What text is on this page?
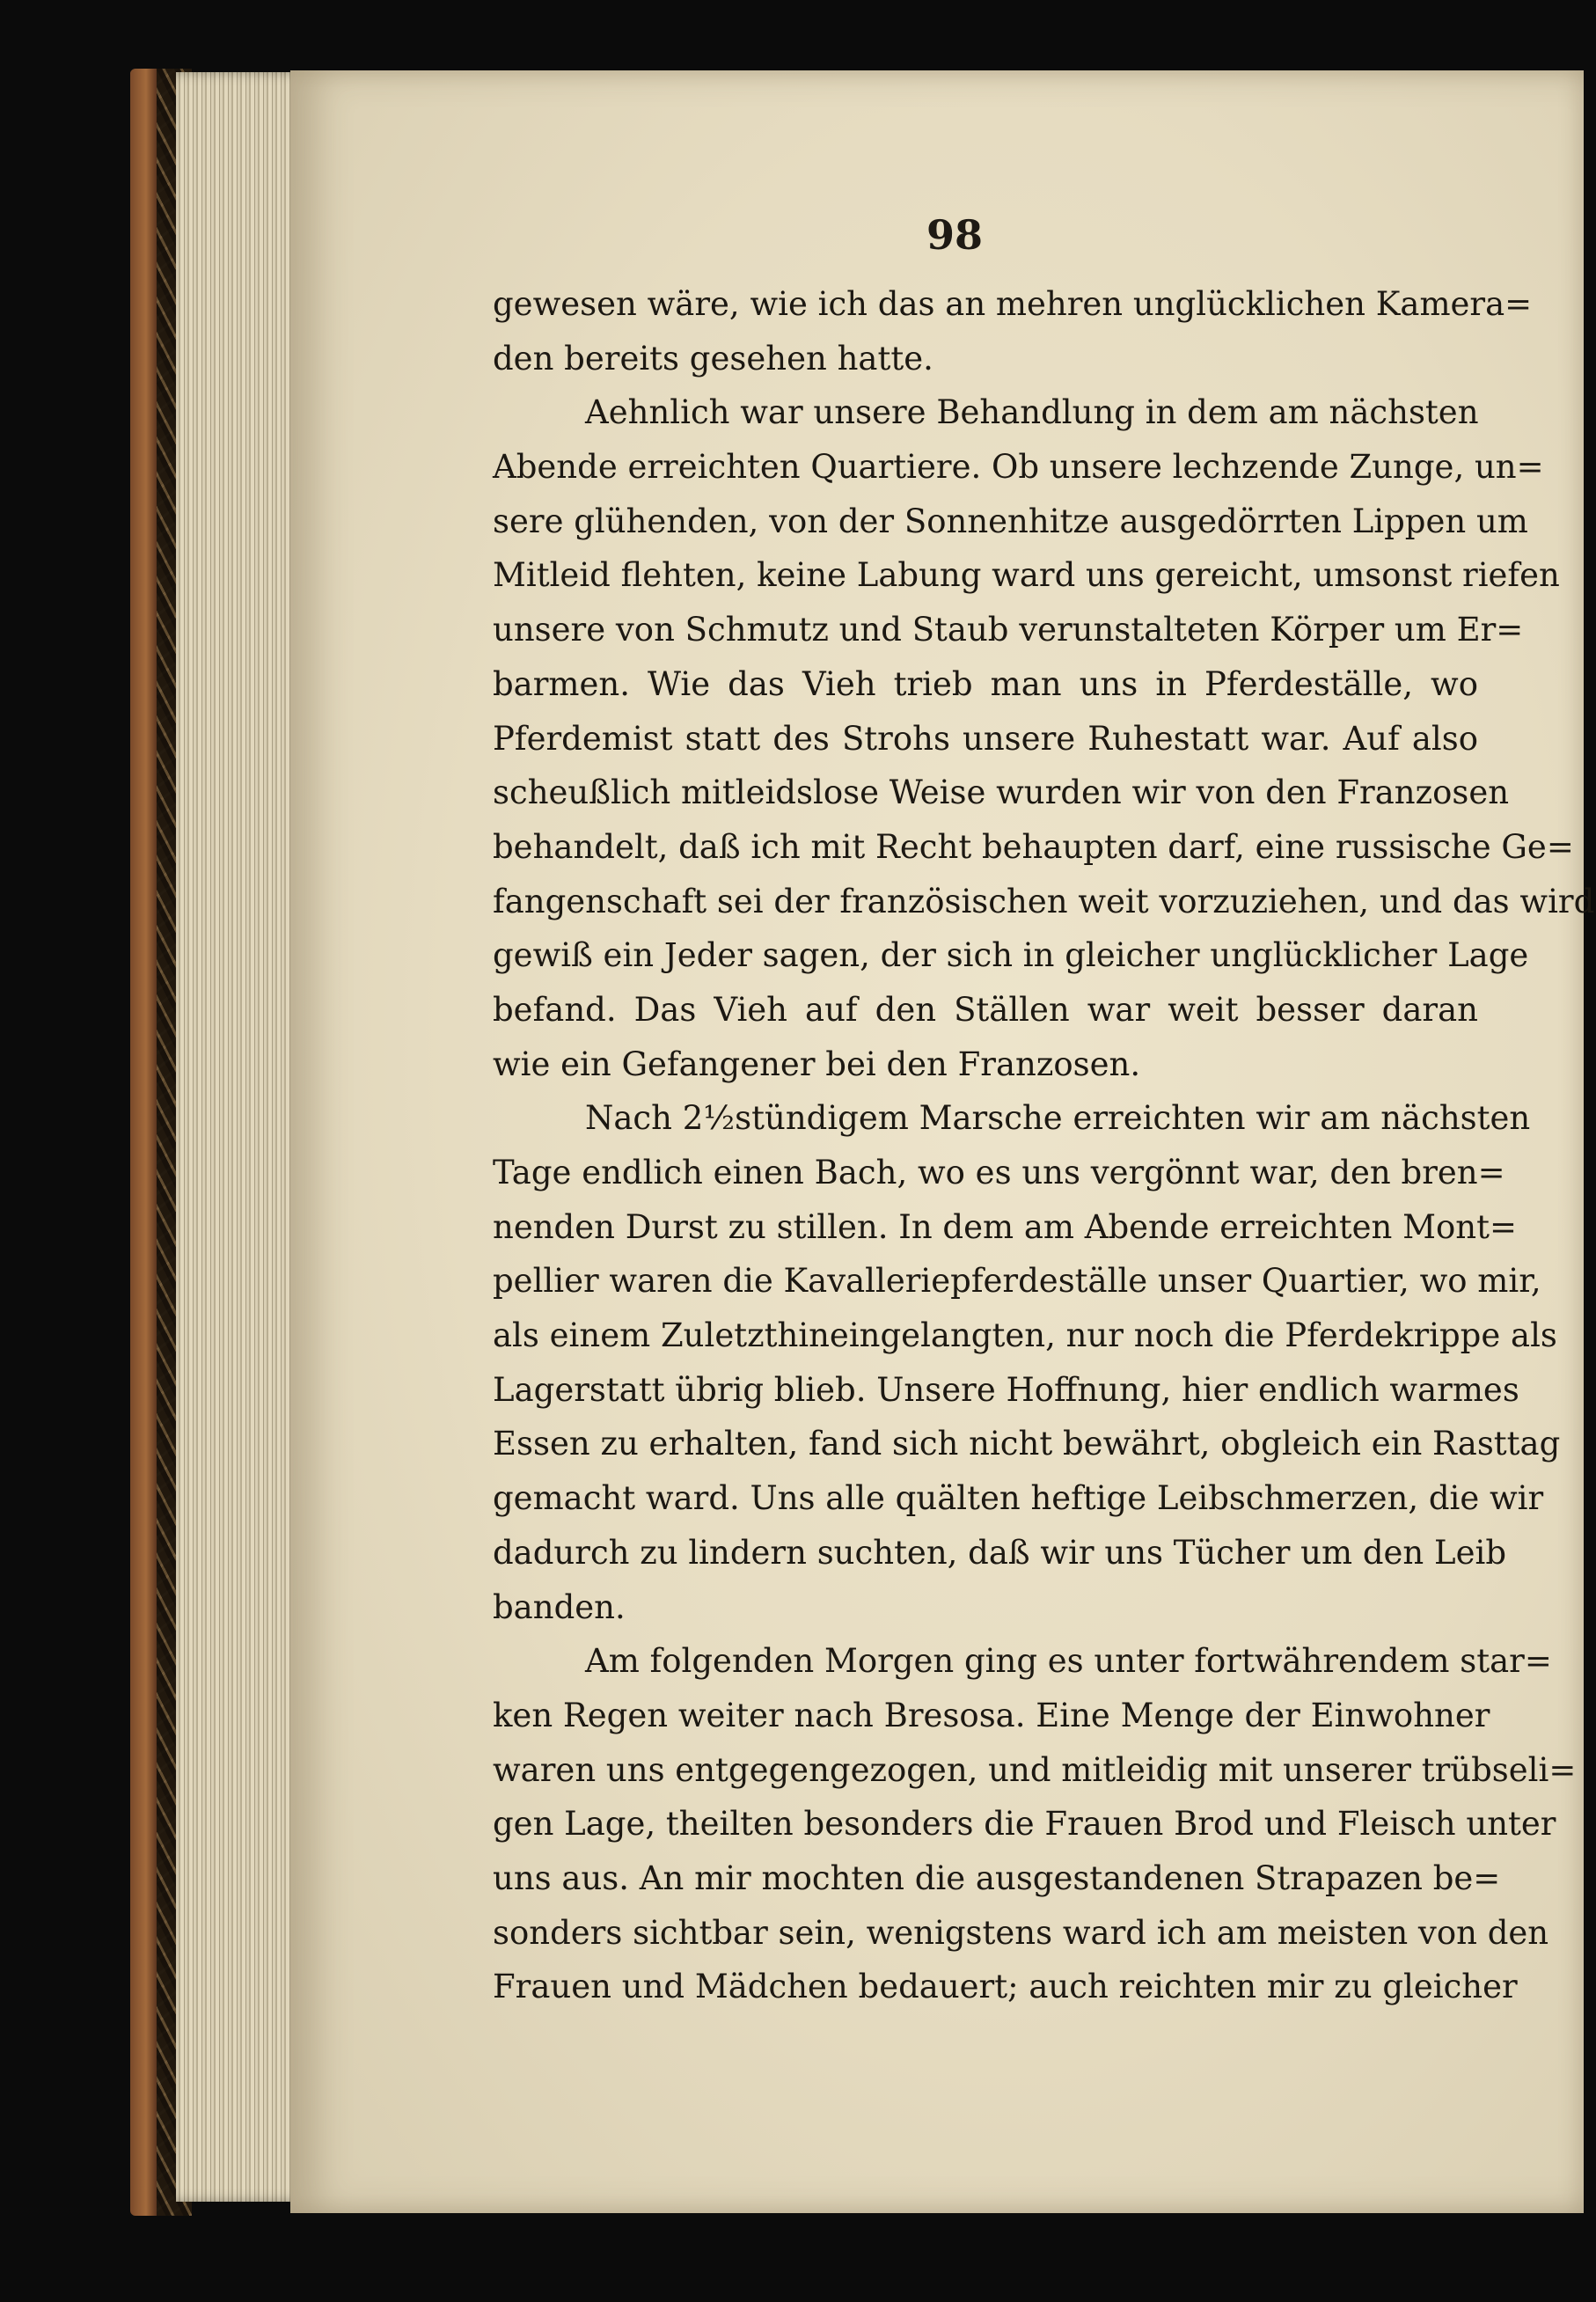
98
gewesen wäre, wie ich das an mehren unglücklichen Kamera=
den bereits gesehen hatte.
Aehnlich war unsere Behandlung in dem am nächsten
Abende erreichten Quartiere. Ob unsere lechzende Zunge, un=
sere glühenden, von der Sonnenhitze ausgedörrten Lippen um
Mitleid flehten, keine Labung ward uns gereicht, umsonst riefen
unsere von Schmutz und Staub verunstalteten Körper um Er=
barmen. Wie das Vieh trieb man uns in Pferdeställe, wo
Pferdemist statt des Strohs unsere Ruhestatt war. Auf also
scheußlich mitleidslose Weise wurden wir von den Franzosen
behandelt, daß ich mit Recht behaupten darf, eine russische Ge=
fangenschaft sei der französischen weit vorzuziehen, und das wird
gewiß ein Jeder sagen, der sich in gleicher unglücklicher Lage
befand. Das Vieh auf den Ställen war weit besser daran
wie ein Gefangener bei den Franzosen.
Nach 2½stündigem Marsche erreichten wir am nächsten
Tage endlich einen Bach, wo es uns vergönnt war, den bren=
nenden Durst zu stillen. In dem am Abende erreichten Mont=
pellier waren die Kavalleriepferdeställe unser Quartier, wo mir,
als einem Zuletzthineingelangten, nur noch die Pferdekrippe als
Lagerstatt übrig blieb. Unsere Hoffnung, hier endlich warmes
Essen zu erhalten, fand sich nicht bewährt, obgleich ein Rasttag
gemacht ward. Uns alle quälten heftige Leibschmerzen, die wir
dadurch zu lindern suchten, daß wir uns Tücher um den Leib
banden.
Am folgenden Morgen ging es unter fortwährendem star=
ken Regen weiter nach Bresosa. Eine Menge der Einwohner
waren uns entgegengezogen, und mitleidig mit unserer trübseli=
gen Lage, theilten besonders die Frauen Brod und Fleisch unter
uns aus. An mir mochten die ausgestandenen Strapazen be=
sonders sichtbar sein, wenigstens ward ich am meisten von den
Frauen und Mädchen bedauert; auch reichten mir zu gleicher
